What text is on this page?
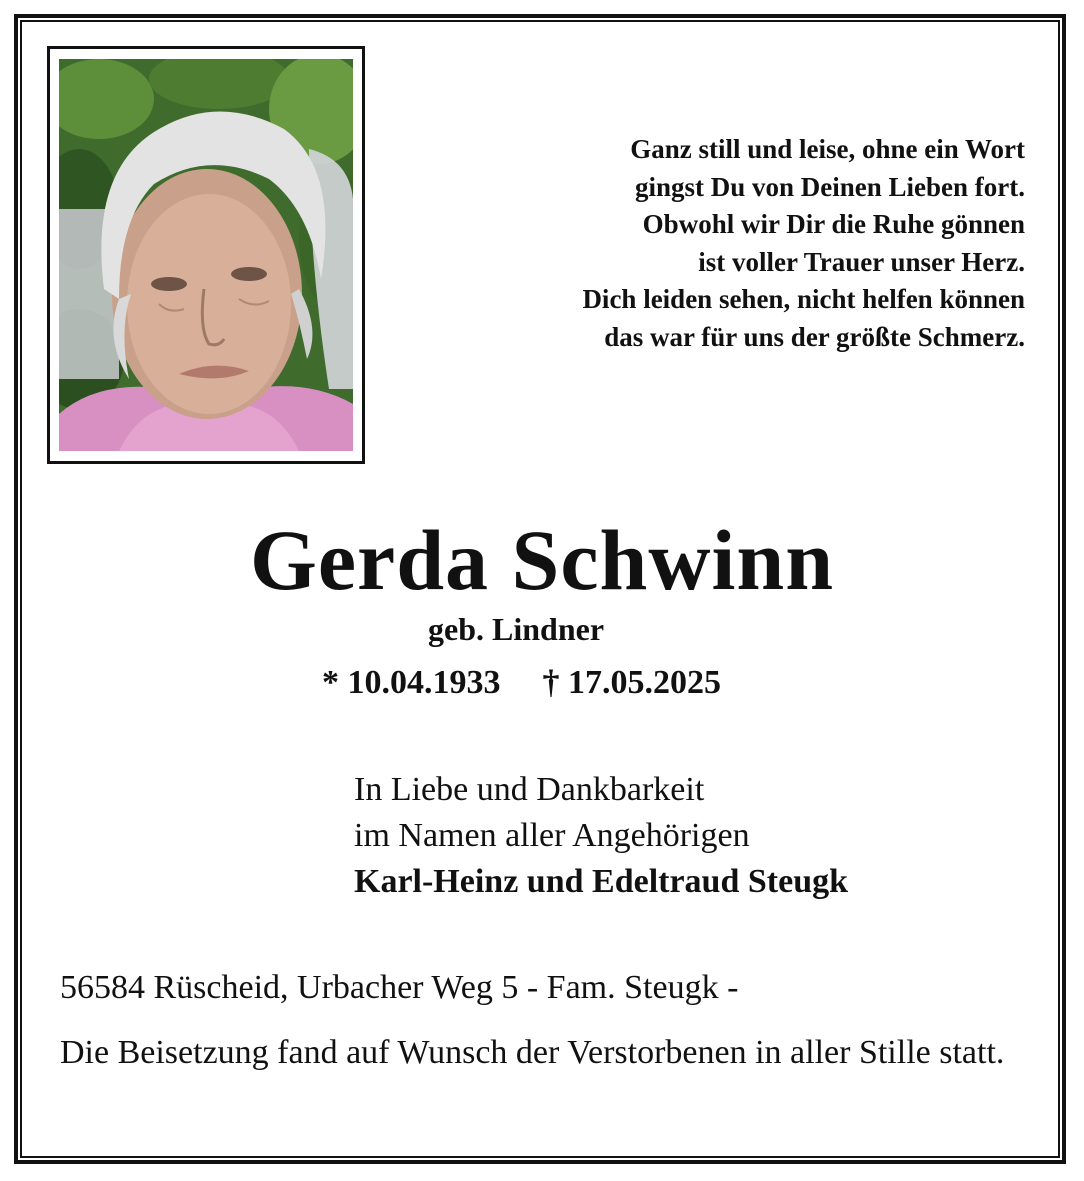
Ganz still und leise, ohne ein Wort
gingst Du von Deinen Lieben fort.
Obwohl wir Dir die Ruhe gönnen
ist voller Trauer unser Herz.
Dich leiden sehen, nicht helfen können
das war für uns der größte Schmerz.
Gerda Schwinn
geb. Lindner
* 10.04.1933 † 17.05.2025
In Liebe und Dankbarkeit
im Namen aller Angehörigen
Karl-Heinz und Edeltraud Steugk
56584 Rüscheid, Urbacher Weg 5 - Fam. Steugk -
Die Beisetzung fand auf Wunsch der Verstorbenen in aller Stille statt.
